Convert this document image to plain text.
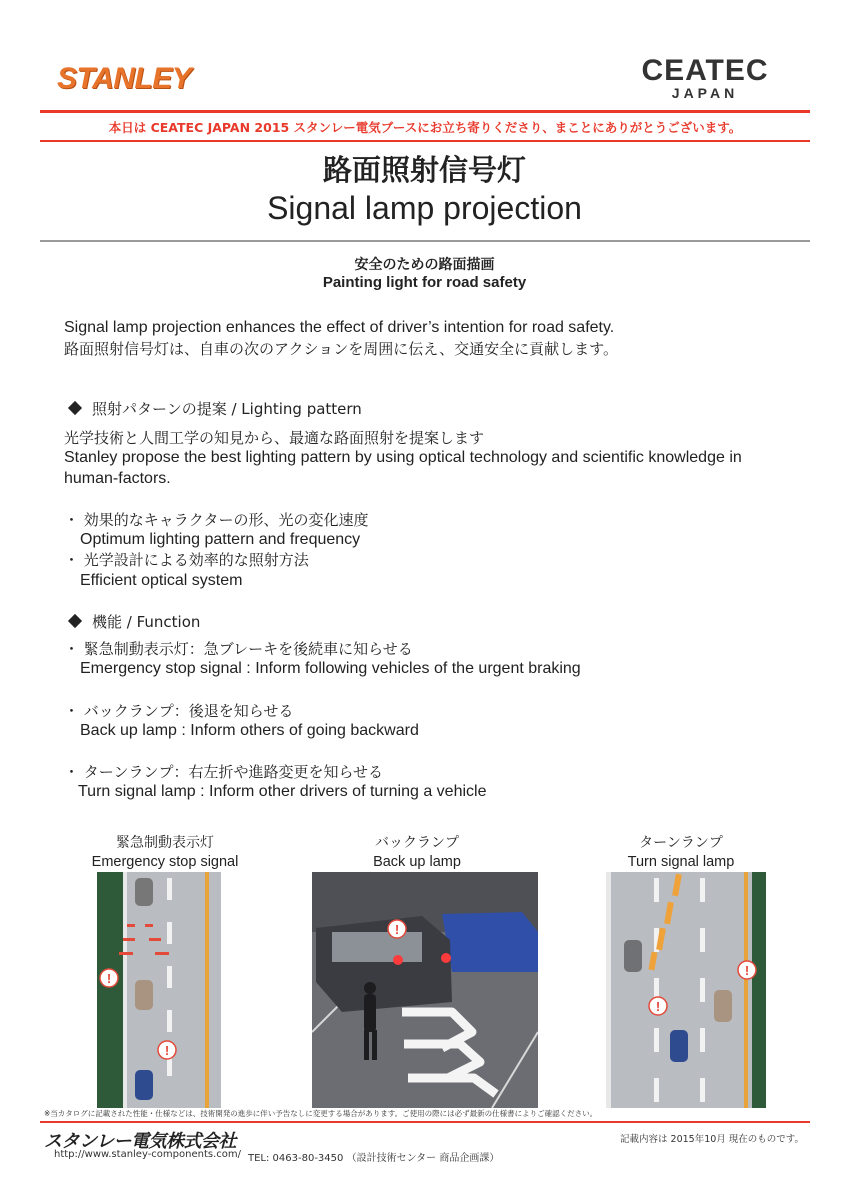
STANLEY	CEATEC
JAPAN
本日は CEATEC JAPAN 2015 スタンレー電気ブースにお立ち寄りくださり、まことにありがとうございます。
路面照射信号灯
Signal lamp projection
安全のための路面描画
Painting light for road safety
Signal lamp projection enhances the effect of driver’s intention for road safety.
路面照射信号灯は、自車の次のアクションを周囲に伝え、交通安全に貢献します。
照射パターンの提案 / Lighting pattern
光学技術と人間工学の知見から、最適な路面照射を提案します
Stanley propose the best lighting pattern by using optical technology and scientific knowledge in
human-factors.
・ 効果的なキャラクターの形、光の変化速度
Optimum lighting pattern and frequency
・ 光学設計による効率的な照射方法
Efficient optical system
機能 / Function
・ 緊急制動表示灯：急ブレーキを後続車に知らせる
Emergency stop signal : Inform following vehicles of the urgent braking
・ バックランプ：後退を知らせる
Back up lamp : Inform others of going backward
・ ターンランプ：右左折や進路変更を知らせる
Turn signal lamp : Inform other drivers of turning a vehicle
緊急制動表示灯
Emergency stop signal
バックランプ
Back up lamp
ターンランプ
Turn signal lamp
!
!
!
!
!
※当カタログに記載された性能・仕様などは、技術開発の進歩に伴い予告なしに変更する場合があります。ご使用の際には必ず最新の仕様書によりご確認ください。
スタンレー電気株式会社
http://www.stanley-components.com/ TEL: 0463-80-3450 （設計技術センター 商品企画課）
記載内容は 2015年10月 現在のものです。
